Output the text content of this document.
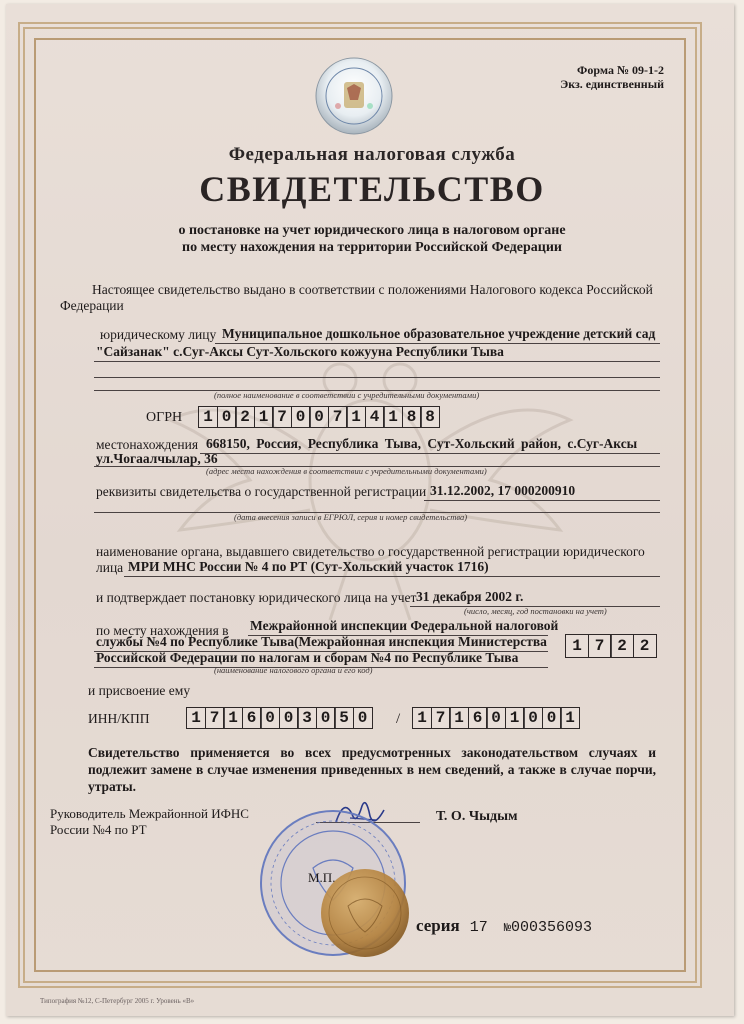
Форма № 09-1-2
Экз. единственный
Федеральная налоговая служба
СВИДЕТЕЛЬСТВО
о постановке на учет юридического лица в налоговом органе
по месту нахождения на территории Российской Федерации
Настоящее свидетельство выдано в соответствии с положениями Налогового кодекса Российской
Федерации
юридическому лицу Муниципальное дошкольное образовательное учреждение детский сад
"Сайзанак" с.Суг-Аксы Сут-Хольского кожууна Республики Тыва
(полное наименование в соответствии с учредительными документами)
ОГРН	1 0 2 1 7 0 0 7 1 4 1 8 8
местонахождения 668150, Россия, Республика Тыва, Сут-Хольский район, с.Суг-Аксы
ул.Чогаалчылар, 36
(адрес места нахождения в соответствии с учредительными документами)
реквизиты свидетельства о государственной регистрации 31.12.2002, 17 000200910
(дата внесения записи в ЕГРЮЛ, серия и номер свидетельства)
наименование органа, выдавшего свидетельство о государственной регистрации юридического
лица МРИ МНС России № 4 по РТ (Сут-Хольский участок 1716)
и подтверждает постановку юридического лица на учет 31 декабря 2002 г.
(число, месяц, год постановки на учет)
по месту нахождения в Межрайонной инспекции Федеральной налоговой
службы №4 по Республике Тыва(Межрайонная инспекция Министерства
Российской Федерации по налогам и сборам №4 по Республике Тыва
(наименование налогового органа и его код)
1 7 2 2
и присвоение ему
ИНН/КПП	1 7 1 6 0 0 3 0 5 0	/	1 7 1 6 0 1 0 0 1
Свидетельство применяется во всех предусмотренных законодательством случаях и подлежит замене в случае изменения приведенных в нем сведений, а также в случае порчи, утраты.
Руководитель Межрайонной ИФНС
России №4 по РТ
Т. О. Чыдым
М.П.
серия 17 №000356093
Типография №12, С-Петербург 2005 г. Уровень «В»
